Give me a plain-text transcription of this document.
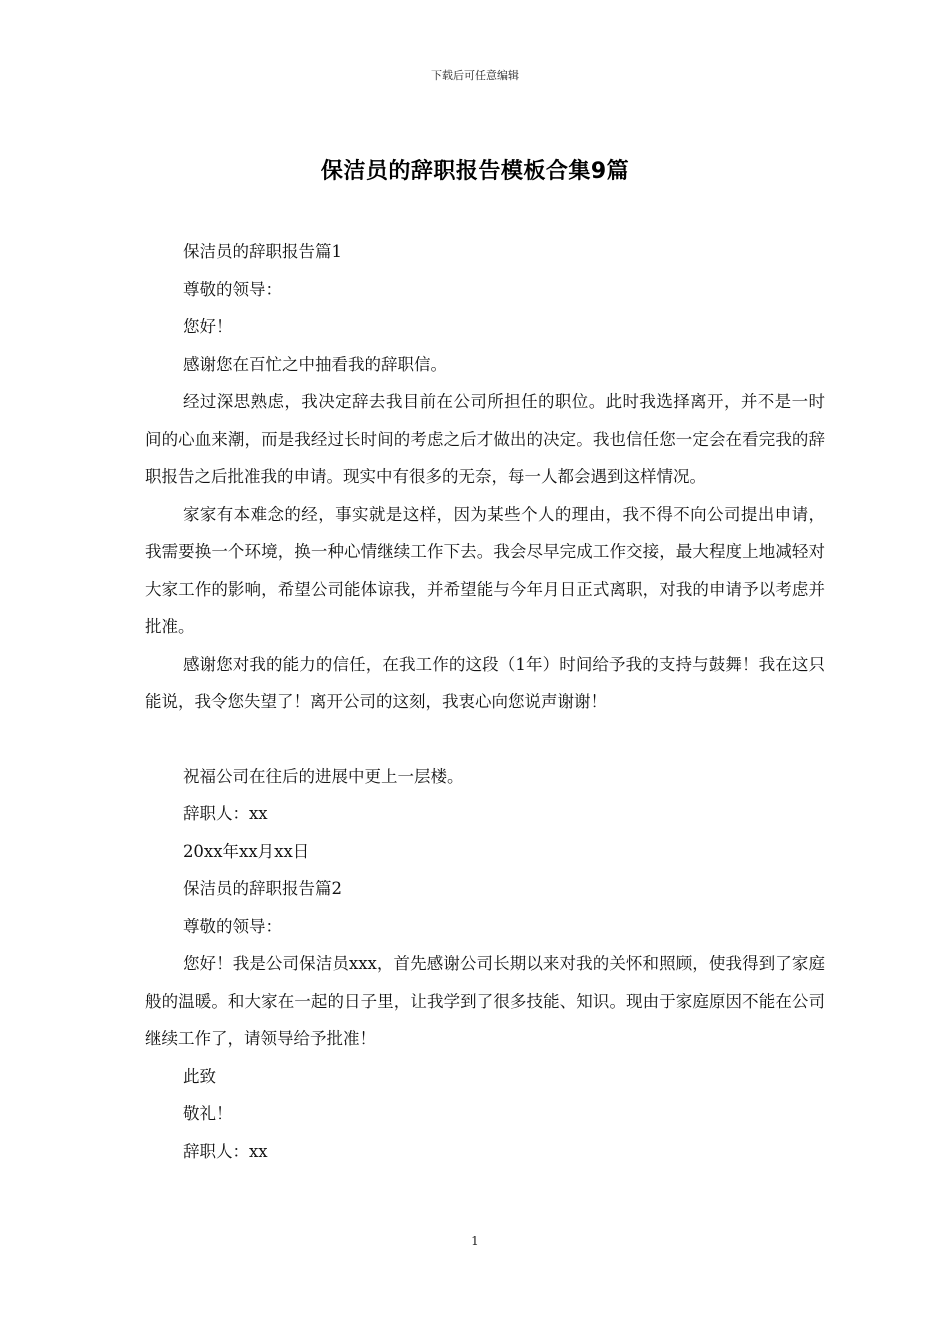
下载后可任意编辑
保洁员的辞职报告模板合集9篇

保洁员的辞职报告篇1

尊敬的领导：

您好！

感谢您在百忙之中抽看我的辞职信。

经过深思熟虑，我决定辞去我目前在公司所担任的职位。此时我选择离开，并不是一时间的心血来潮，而是我经过长时间的考虑之后才做出的决定。我也信任您一定会在看完我的辞职报告之后批准我的申请。现实中有很多的无奈，每一人都会遇到这样情况。

家家有本难念的经，事实就是这样，因为某些个人的理由，我不得不向公司提出申请，我需要换一个环境，换一种心情继续工作下去。我会尽早完成工作交接，最大程度上地减轻对大家工作的影响，希望公司能体谅我，并希望能与今年月日正式离职，对我的申请予以考虑并批准。

感谢您对我的能力的信任，在我工作的这段（1年）时间给予我的支持与鼓舞！我在这只能说，我令您失望了！离开公司的这刻，我衷心向您说声谢谢！

祝福公司在往后的进展中更上一层楼。

辞职人：xx

20xx年xx月xx日

保洁员的辞职报告篇2

尊敬的领导：

您好！我是公司保洁员xxx，首先感谢公司长期以来对我的关怀和照顾，使我得到了家庭般的温暖。和大家在一起的日子里，让我学到了很多技能、知识。现由于家庭原因不能在公司继续工作了，请领导给予批准！

此致

敬礼！

辞职人：xx

1
